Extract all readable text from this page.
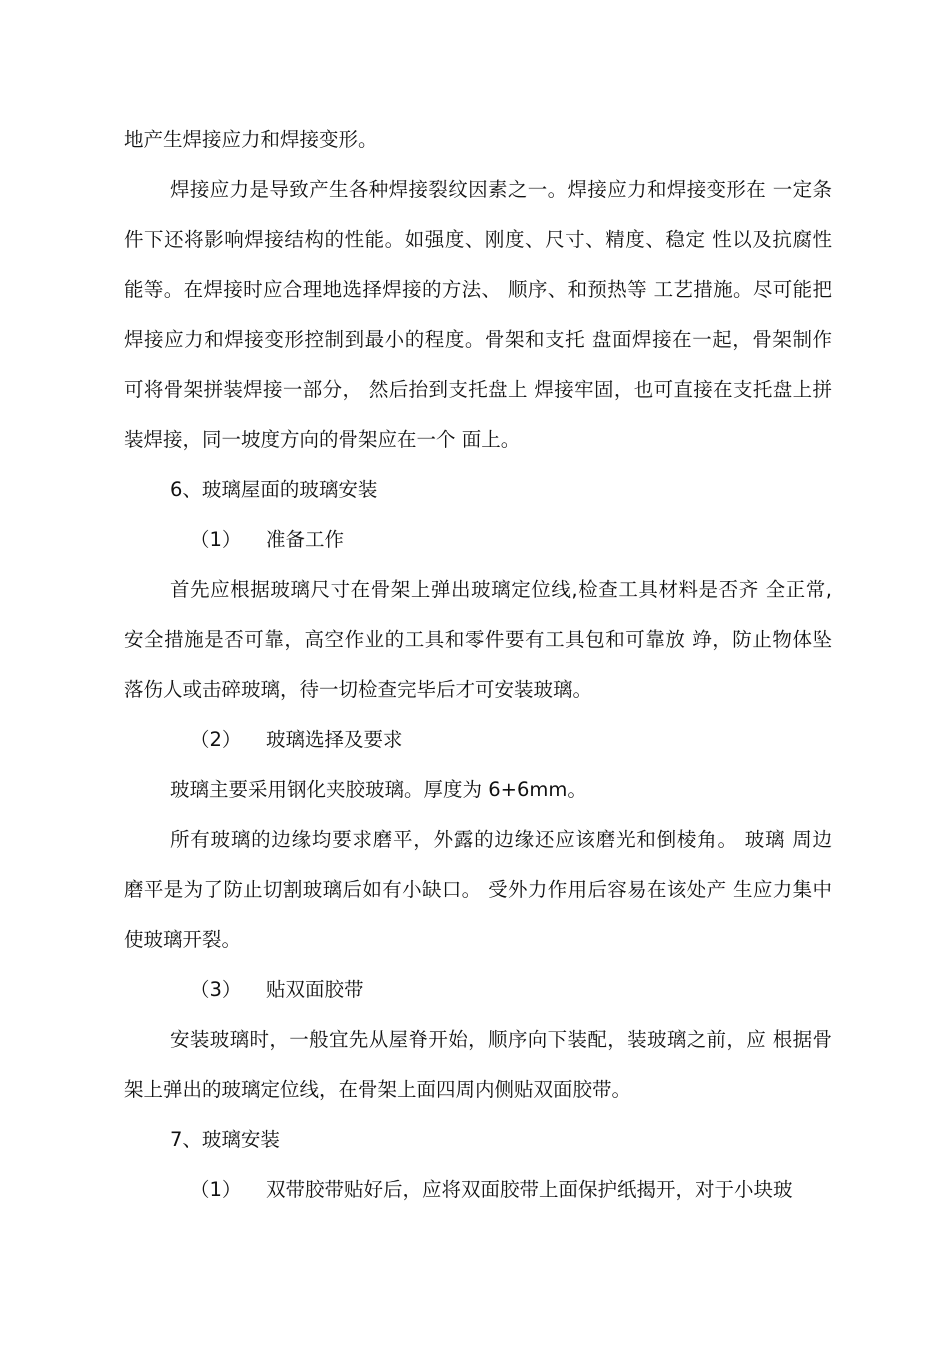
地产生焊接应力和焊接变形。
焊接应力是导致产生各种焊接裂纹因素之一。焊接应力和焊接变形在 一定条
件下还将影响焊接结构的性能。如强度、刚度、尺寸、精度、稳定 性以及抗腐性
能等。在焊接时应合理地选择焊接的方法、 顺序、和预热等 工艺措施。尽可能把
焊接应力和焊接变形控制到最小的程度。骨架和支托 盘面焊接在一起，骨架制作
可将骨架拼装焊接一部分， 然后抬到支托盘上 焊接牢固，也可直接在支托盘上拼
装焊接，同一坡度方向的骨架应在一个 面上。
6、玻璃屋面的玻璃安装
（1） 准备工作
首先应根据玻璃尺寸在骨架上弹出玻璃定位线,检查工具材料是否齐 全正常,
安全措施是否可靠，高空作业的工具和零件要有工具包和可靠放 竫，防止物体坠
落伤人或击碎玻璃，待一切检查完毕后才可安装玻璃。
（2） 玻璃选择及要求
玻璃主要采用钢化夹胶玻璃。厚度为 6+6mm。
所有玻璃的边缘均要求磨平，外露的边缘还应该磨光和倒棱角。 玻璃 周边
磨平是为了防止切割玻璃后如有小缺口。 受外力作用后容易在该处产 生应力集中
使玻璃开裂。
（3） 贴双面胶带
安装玻璃时，一般宜先从屋脊开始，顺序向下装配，装玻璃之前，应 根据骨
架上弹出的玻璃定位线，在骨架上面四周内侧贴双面胶带。
7、玻璃安装
（1） 双带胶带贴好后，应将双面胶带上面保护纸揭开，对于小块玻
